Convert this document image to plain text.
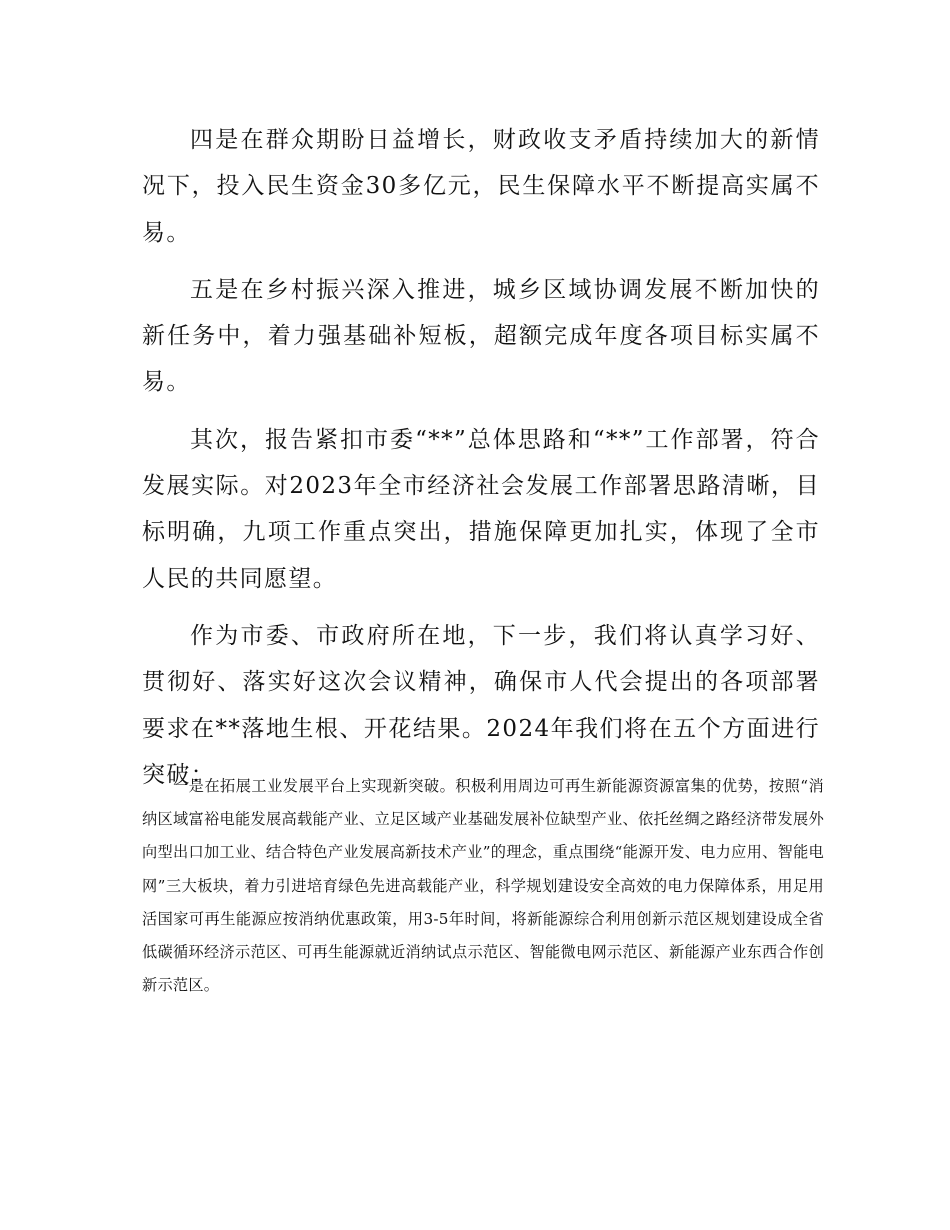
四是在群众期盼日益增长，财政收支矛盾持续加大的新情况下，投入民生资金30多亿元，民生保障水平不断提高实属不易。

五是在乡村振兴深入推进，城乡区域协调发展不断加快的新任务中，着力强基础补短板，超额完成年度各项目标实属不易。

其次，报告紧扣市委“**”总体思路和“**”工作部署，符合发展实际。对2023年全市经济社会发展工作部署思路清晰，目标明确，九项工作重点突出，措施保障更加扎实，体现了全市人民的共同愿望。

作为市委、市政府所在地，下一步，我们将认真学习好、贯彻好、落实好这次会议精神，确保市人代会提出的各项部署要求在**落地生根、开花结果。2024年我们将在五个方面进行突破：

一是在拓展工业发展平台上实现新突破。积极利用周边可再生新能源资源富集的优势，按照“消纳区域富裕电能发展高载能产业、立足区域产业基础发展补位缺型产业、依托丝绸之路经济带发展外向型出口加工业、结合特色产业发展高新技术产业”的理念，重点围绕“能源开发、电力应用、智能电网”三大板块，着力引进培育绿色先进高载能产业，科学规划建设安全高效的电力保障体系，用足用活国家可再生能源应按消纳优惠政策，用3-5年时间，将新能源综合利用创新示范区规划建设成全省低碳循环经济示范区、可再生能源就近消纳试点示范区、智能微电网示范区、新能源产业东西合作创新示范区。
